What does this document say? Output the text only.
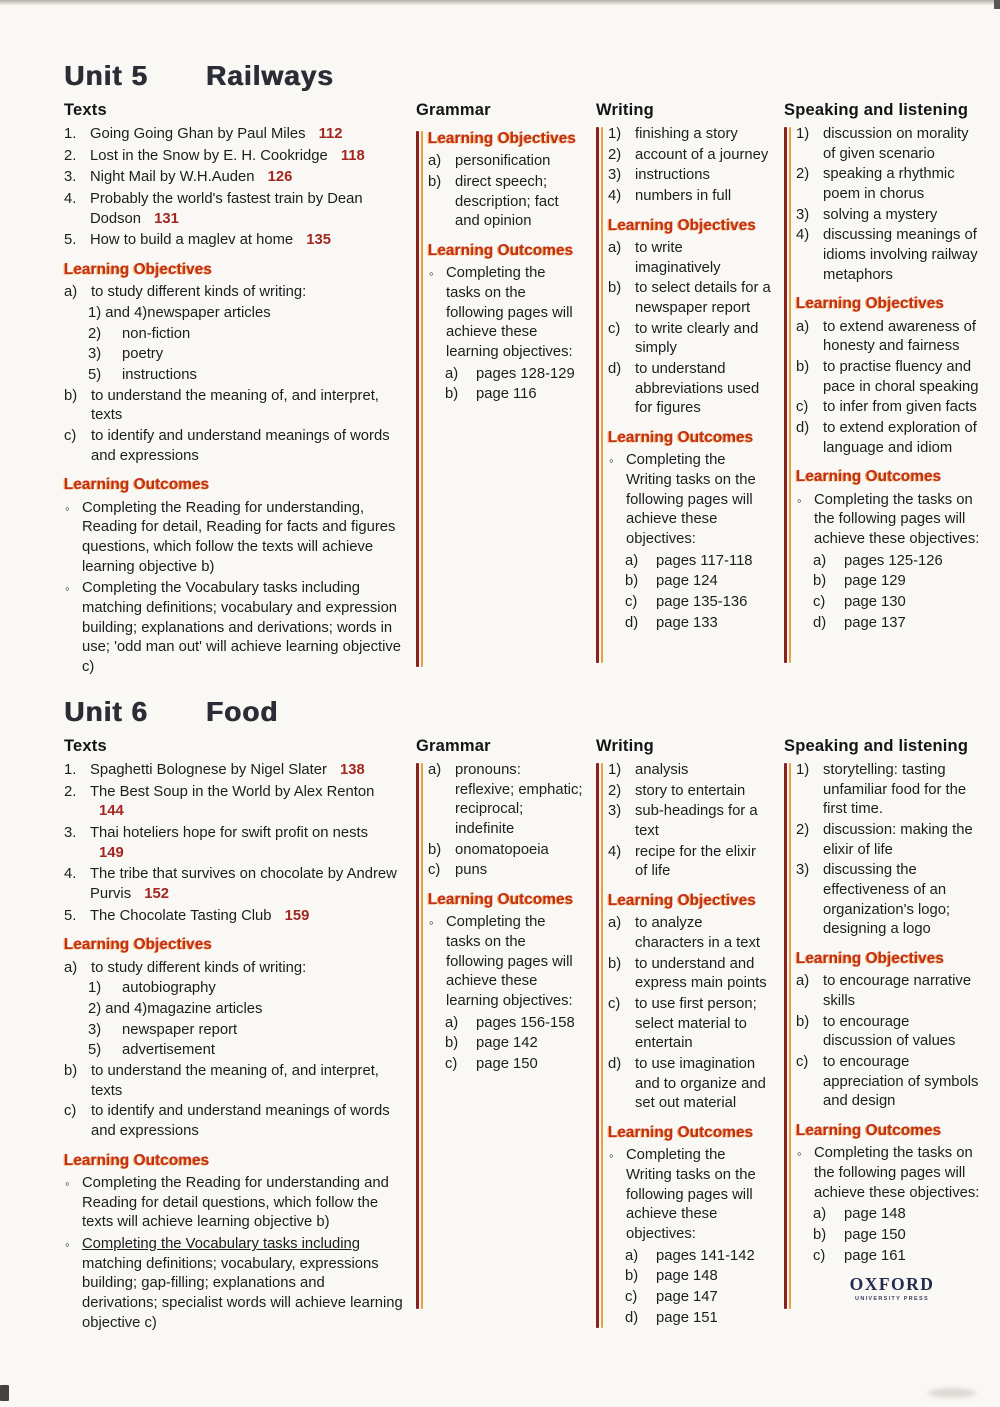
Unit 5 Railways
Texts
1. Going Going Ghan by Paul Miles 112
2. Lost in the Snow by E. H. Cookridge 118
3. Night Mail by W.H.Auden 126
4. Probably the world's fastest train by Dean Dodson 131
5. How to build a maglev at home 135
Learning Objectives
a) to study different kinds of writing:
1) and 4) newspaper articles
2)	non-fiction
3)	poetry
5)	instructions
b) to understand the meaning of, and interpret, texts
c) to identify and understand meanings of words and expressions
Learning Outcomes
◦ Completing the Reading for understanding, Reading for detail, Reading for facts and figures questions, which follow the texts will achieve learning objective b)
◦ Completing the Vocabulary tasks including matching definitions; vocabulary and expression building; explanations and derivations; words in use; 'odd man out' will achieve learning objective c)
Grammar
Learning Objectives
a) personification
b) direct speech; description; fact and opinion
Learning Outcomes
◦ Completing the tasks on the following pages will achieve these learning objectives:
a)	pages 128-129
b)	page 116
Writing
1) finishing a story
2) account of a journey
3) instructions
4) numbers in full
Learning Objectives
a) to write imaginatively
b) to select details for a newspaper report
c) to write clearly and simply
d) to understand abbreviations used for figures
Learning Outcomes
◦ Completing the Writing tasks on the following pages will achieve these objectives:
a)	pages 117-118
b)	page 124
c)	page 135-136
d)	page 133
Speaking and listening
1) discussion on morality of given scenario
2) speaking a rhythmic poem in chorus
3) solving a mystery
4) discussing meanings of idioms involving railway metaphors
Learning Objectives
a) to extend awareness of honesty and fairness
b) to practise fluency and pace in choral speaking
c) to infer from given facts
d) to extend exploration of language and idiom
Learning Outcomes
◦ Completing the tasks on the following pages will achieve these objectives:
a)	pages 125-126
b)	page 129
c)	page 130
d)	page 137
Unit 6 Food
Texts
1. Spaghetti Bolognese by Nigel Slater 138
2. The Best Soup in the World by Alex Renton 144
3. Thai hoteliers hope for swift profit on nests 149
4. The tribe that survives on chocolate by Andrew Purvis 152
5. The Chocolate Tasting Club 159
Learning Objectives
a) to study different kinds of writing:
1)	autobiography
2) and 4) magazine articles
3)	newspaper report
5)	advertisement
b) to understand the meaning of, and interpret, texts
c) to identify and understand meanings of words and expressions
Learning Outcomes
◦ Completing the Reading for understanding and Reading for detail questions, which follow the texts will achieve learning objective b)
◦ Completing the Vocabulary tasks including matching definitions; vocabulary, expressions building; gap-filling; explanations and derivations; specialist words will achieve learning objective c)
Grammar
a) pronouns: reflexive; emphatic; reciprocal; indefinite
b) onomatopoeia
c) puns
Learning Outcomes
◦ Completing the tasks on the following pages will achieve these learning objectives:
a)	pages 156-158
b)	page 142
c)	page 150
Writing
1) analysis
2) story to entertain
3) sub-headings for a text
4) recipe for the elixir of life
Learning Objectives
a) to analyze characters in a text
b) to understand and express main points
c) to use first person; select material to entertain
d) to use imagination and to organize and set out material
Learning Outcomes
◦ Completing the Writing tasks on the following pages will achieve these objectives:
a)	pages 141-142
b)	page 148
c)	page 147
d)	page 151
Speaking and listening
1) storytelling: tasting unfamiliar food for the first time.
2) discussion: making the elixir of life
3) discussing the effectiveness of an organization's logo; designing a logo
Learning Objectives
a) to encourage narrative skills
b) to encourage discussion of values
c) to encourage appreciation of symbols and design
Learning Outcomes
◦ Completing the tasks on the following pages will achieve these objectives:
a)	page 148
b)	page 150
c)	page 161
OXFORD
UNIVERSITY PRESS
